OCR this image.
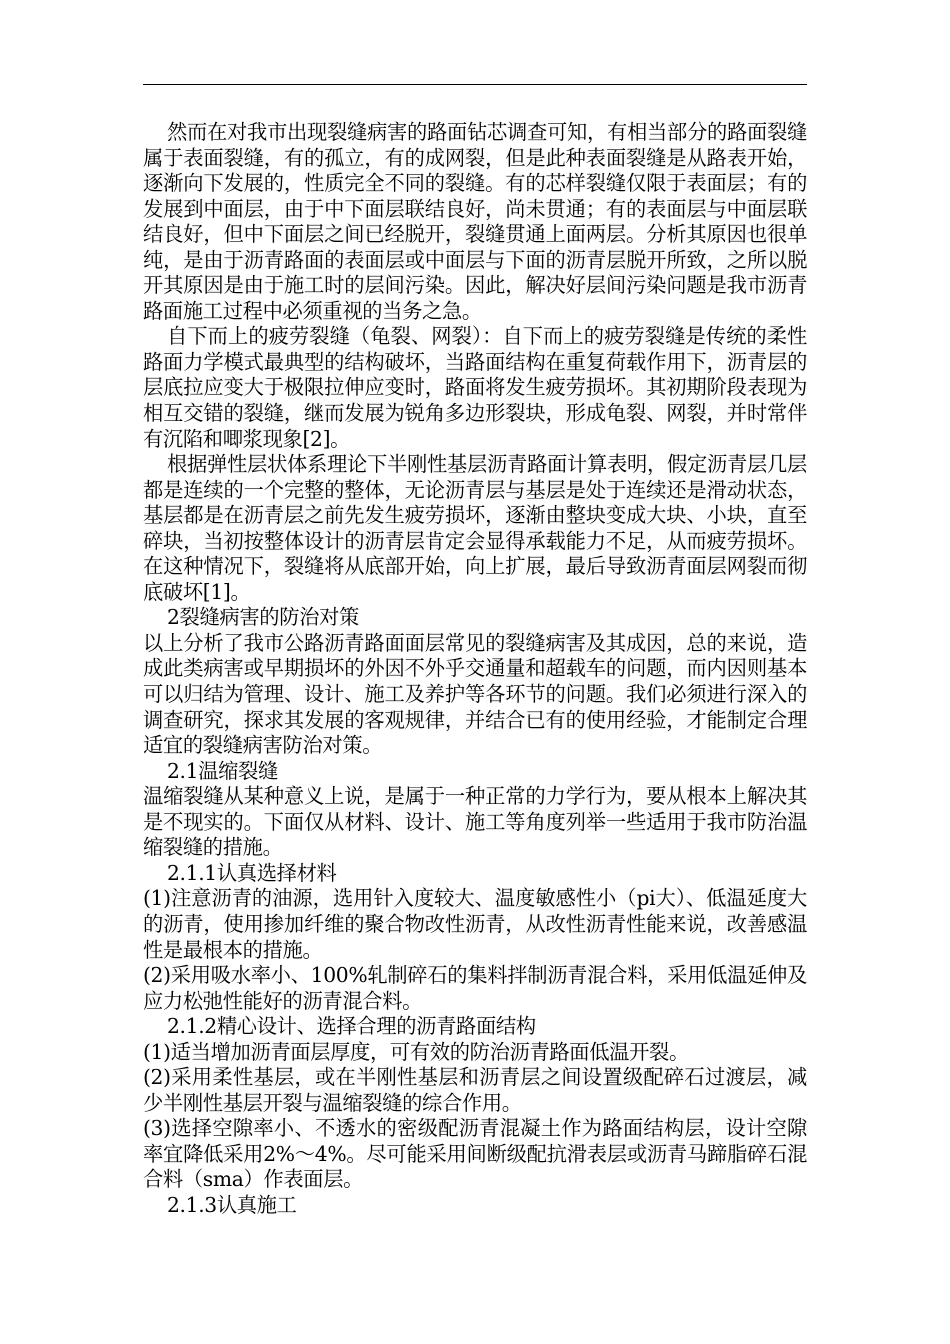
然而在对我市出现裂缝病害的路面钻芯调查可知，有相当部分的路面裂缝属于表面裂缝，有的孤立，有的成网裂，但是此种表面裂缝是从路表开始，逐渐向下发展的，性质完全不同的裂缝。有的芯样裂缝仅限于表面层；有的发展到中面层，由于中下面层联结良好，尚未贯通；有的表面层与中面层联结良好，但中下面层之间已经脱开，裂缝贯通上面两层。分析其原因也很单纯，是由于沥青路面的表面层或中面层与下面的沥青层脱开所致，之所以脱开其原因是由于施工时的层间污染。因此，解决好层间污染问题是我市沥青路面施工过程中必须重视的当务之急。

自下而上的疲劳裂缝（龟裂、网裂）：自下而上的疲劳裂缝是传统的柔性路面力学模式最典型的结构破坏，当路面结构在重复荷载作用下，沥青层的层底拉应变大于极限拉伸应变时，路面将发生疲劳损坏。其初期阶段表现为相互交错的裂缝，继而发展为锐角多边形裂块，形成龟裂、网裂，并时常伴有沉陷和唧浆现象[2]。

根据弹性层状体系理论下半刚性基层沥青路面计算表明，假定沥青层几层都是连续的一个完整的整体，无论沥青层与基层是处于连续还是滑动状态，基层都是在沥青层之前先发生疲劳损坏，逐渐由整块变成大块、小块，直至碎块，当初按整体设计的沥青层肯定会显得承载能力不足，从而疲劳损坏。在这种情况下，裂缝将从底部开始，向上扩展，最后导致沥青面层网裂而彻底破坏[1]。

2裂缝病害的防治对策

以上分析了我市公路沥青路面面层常见的裂缝病害及其成因，总的来说，造成此类病害或早期损坏的外因不外乎交通量和超载车的问题，而内因则基本可以归结为管理、设计、施工及养护等各环节的问题。我们必须进行深入的调查研究，探求其发展的客观规律，并结合已有的使用经验，才能制定合理适宜的裂缝病害防治对策。

2.1温缩裂缝

温缩裂缝从某种意义上说，是属于一种正常的力学行为，要从根本上解决其是不现实的。下面仅从材料、设计、施工等角度列举一些适用于我市防治温缩裂缝的措施。

2.1.1认真选择材料

(1)注意沥青的油源，选用针入度较大、温度敏感性小（pi大）、低温延度大的沥青，使用掺加纤维的聚合物改性沥青，从改性沥青性能来说，改善感温性是最根本的措施。

(2)采用吸水率小、100%轧制碎石的集料拌制沥青混合料，采用低温延伸及应力松弛性能好的沥青混合料。

2.1.2精心设计、选择合理的沥青路面结构

(1)适当增加沥青面层厚度，可有效的防治沥青路面低温开裂。

(2)采用柔性基层，或在半刚性基层和沥青层之间设置级配碎石过渡层，减少半刚性基层开裂与温缩裂缝的综合作用。

(3)选择空隙率小、不透水的密级配沥青混凝土作为路面结构层，设计空隙率宜降低采用2%～4%。尽可能采用间断级配抗滑表层或沥青马蹄脂碎石混合料（sma）作表面层。

2.1.3认真施工
